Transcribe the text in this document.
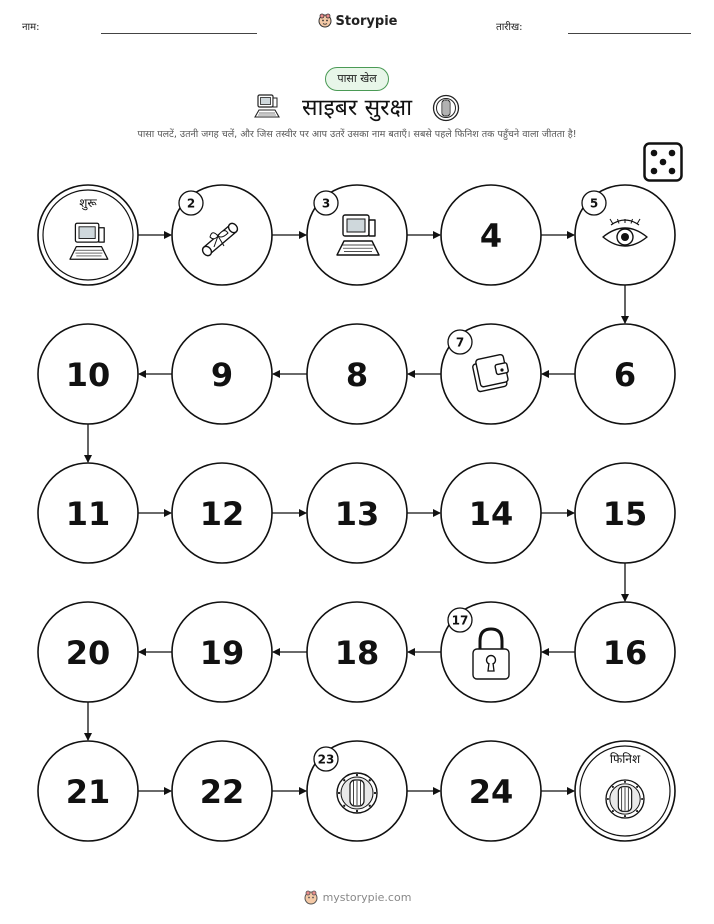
नाम:	Storypie	तारीख:
पासा खेल
साइबर सुरक्षा
पासा पलटें, उतनी जगह चलें, और जिस तस्वीर पर आप उतरें उसका नाम बताएँ। सबसे पहले फिनिश तक पहुँचने वाला जीतता है!
शुरू	2	3
4
5
6
7
8
9
10
11	12	13	14	15
16
17
18
19
20
21	22
23
24
फिनिश
mystorypie.com
